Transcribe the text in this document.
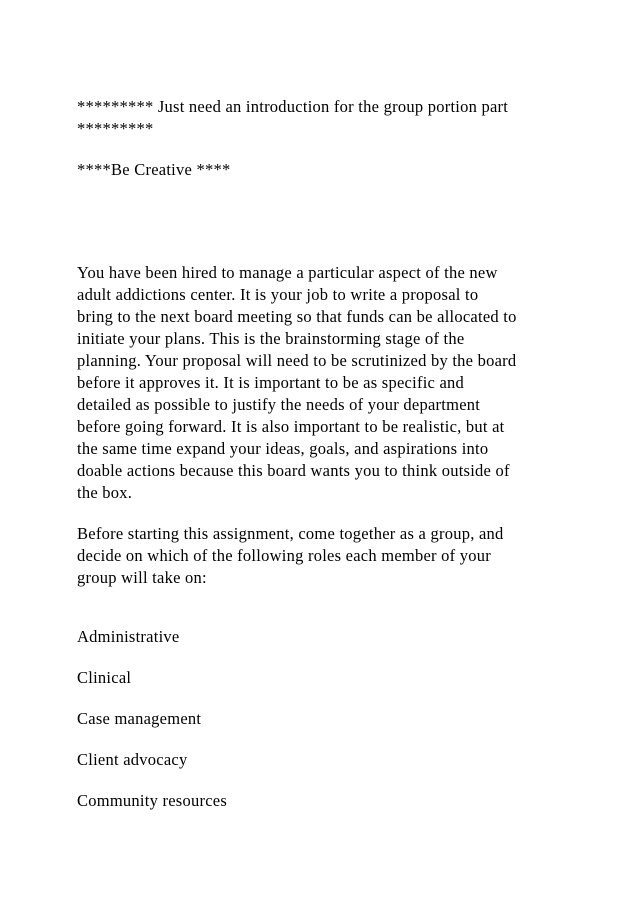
********* Just need an introduction for the group portion part

*********

****Be Creative ****

You have been hired to manage a particular aspect of the new

adult addictions center. It is your job to write a proposal to

bring to the next board meeting so that funds can be allocated to

initiate your plans. This is the brainstorming stage of the

planning. Your proposal will need to be scrutinized by the board

before it approves it. It is important to be as specific and

detailed as possible to justify the needs of your department

before going forward. It is also important to be realistic, but at

the same time expand your ideas, goals, and aspirations into

doable actions because this board wants you to think outside of

the box.

Before starting this assignment, come together as a group, and

decide on which of the following roles each member of your

group will take on:

Administrative

Clinical

Case management

Client advocacy

Community resources
